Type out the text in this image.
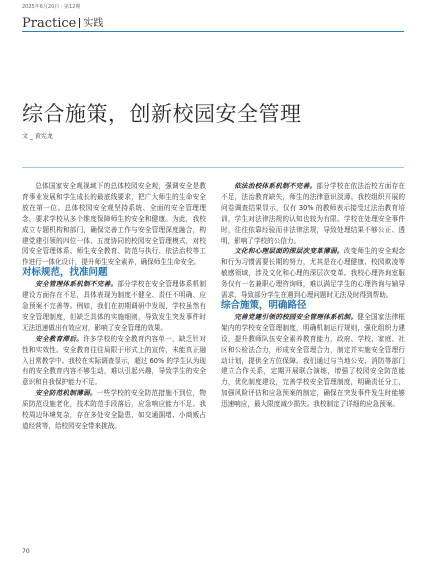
2025年6月20日 · 第12期
Practice 实践
综合施策，创新校园安全管理
文 _ 黄宪龙

总体国家安全观视域下的总体校园安全观，强调安全是教育事业发展和学生成长的最底线要求，把广大师生的生命安全放在第一位。总体校园安全观坚持系统、全面的安全管理理念，要求学校从多个维度保障师生的安全和健康。为此，我校成立专题机构和部门，确保完善工作与安全管理深度融合，构建党建引领的四位一体、五度协同的校园安全管理模式，对校园安全管理体系、师生安全教育、防范与执行、依法治校等工作进行一体化设计，提升师生安全素养，确保师生生命安全。

对标规范，找准问题

安全管理体系机制不完善。部分学校在安全管理体系机制建设方面存在不足，具体表现为制度不健全、责任不明确、应急预案不完善等。例如，我们在初期调研中发现，学校虽然有安全管理制度，但缺乏具体的实施细则，导致发生突发事件时无法迅速做出有效应对，影响了安全管理的效果。

安全教育滞后。许多学校的安全教育内容单一，缺乏针对性和实效性。安全教育往往局限于形式上的宣传，未能真正融入日常教学中。我校在实际调查显示，超过 60% 的学生认为现有的安全教育内容不够生动，难以引起兴趣，导致学生的安全意识和自我保护能力不足。

安全防范机制薄弱。一些学校的安全防范措施不到位，物质防范设施老化，技术防范手段落后，应急响应能力不足。我校周边环境复杂，存在多处安全隐患，如交通拥堵、小商贩占道经营等，给校园安全带来挑战。

依法治校体系机制不完善。部分学校在依法治校方面存在不足，法治教育缺失，师生的法律意识淡薄。我校组织开展的问卷调查结果显示，仅有 30% 的教师表示接受过法治教育培训，学生对法律法规的认知也较为有限。学校在处理安全事件时，往往依靠经验而非法律法规，导致处理结果不够公正、透明，影响了学校的公信力。

文化和心理层面的深层次变革薄弱。改变师生的安全观念和行为习惯需要长期的努力，尤其是在心理健康、校园欺凌等敏感领域，涉及文化和心理的深层次变革。我校心理咨询室服务仅有一名兼职心理咨询师，难以满足学生的心理咨询与辅导需求，导致部分学生在遇到心理问题时无法及时得到帮助。

综合施策，明确路径

完善党建引领的校园安全管理体系机制。健全国家法律框架内的学校安全管理制度，明确机制运行规则，强化组织力建设，提升教师队伍安全素养教育能力，政府、学校、家庭、社区和公检法合力，形成安全管理合力，制定并实施安全管理行动计划，提供全方位保障。我们通过与当地公安、消防等部门建立合作关系，定期开展联合演练，增强了校园安全防范能力，优化制度建设，完善学校安全管理制度，明确责任分工，加强风险评估和应急预案的制定，确保在突发事件发生时能够迅速响应，最大限度减少损失。我校制定了详细的应急预案。

70
